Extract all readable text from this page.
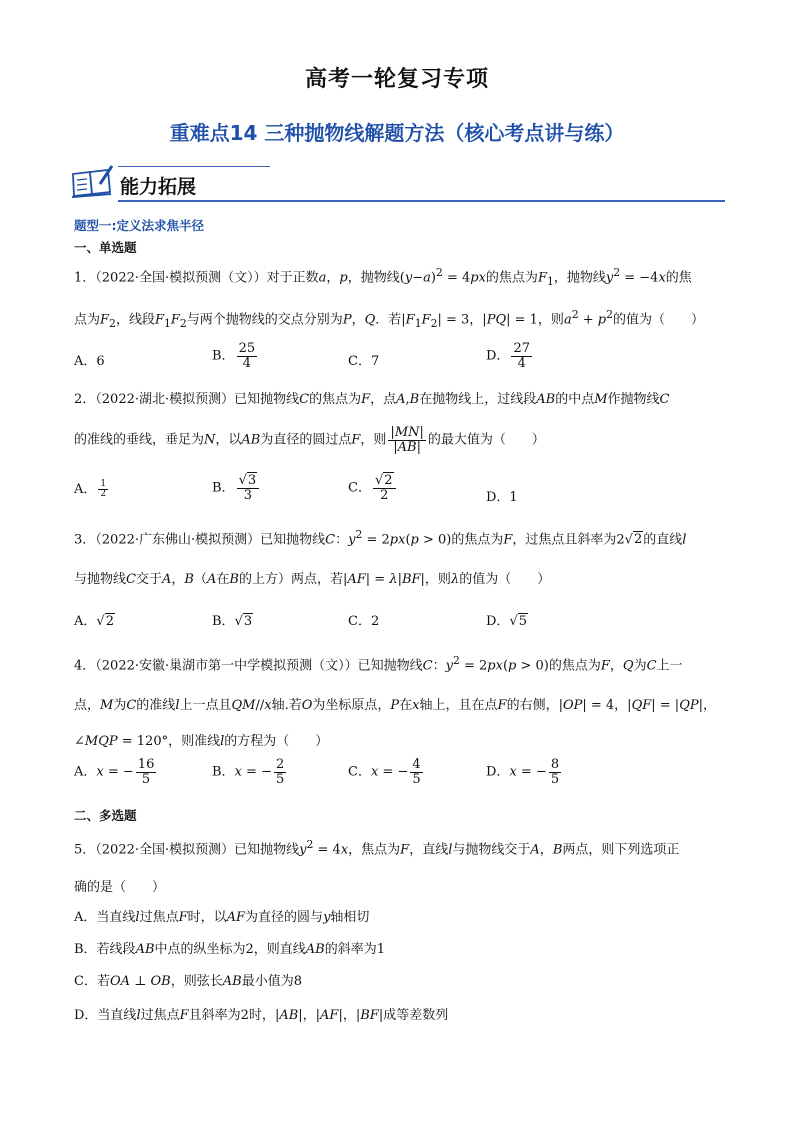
高考一轮复习专项
重难点14 三种抛物线解题方法（核心考点讲与练）
能力拓展
题型一:定义法求焦半径
一、单选题
1．（2022·全国·模拟预测（文））对于正数a，p，抛物线$(y-a)^2 = 4px$的焦点为$F_1$，抛物线$y^2 = -4x$的焦
点为$F_2$，线段$F_1F_2$与两个抛物线的交点分别为P，Q．若$|F_1F_2| = 3$，|PQ| = 1，则$a^2 + p^2$的值为（　　）
A．6	B． $\frac{25}{4}$	C．7	D． $\frac{27}{4}$
2．（2022·湖北·模拟预测）已知抛物线C的焦点为F，点A,B在抛物线上，过线段AB的中点M作抛物线C
的准线的垂线，垂足为N，以AB为直径的圆过点F，则 $\frac{|MN|}{|AB|}$ 的最大值为（　　）
A． $\frac{1}{2}$	B． $\frac{√3}{3}$	C． $\frac{√2}{2}$	D．1
3．（2022·广东佛山·模拟预测）已知抛物线C：$y^2 = 2px(p > 0)$的焦点为F，过焦点且斜率为2√2的直线l
与抛物线C交于A，B（A在B的上方）两点，若|AF| = λ|BF|，则λ的值为（　　）
A．√2	B．√3	C．2	D．√5
4．（2022·安徽·巢湖市第一中学模拟预测（文））已知抛物线C：$y^2 = 2px(p > 0)$的焦点为F，Q为C上一
点，M为C的准线l上一点且QM//x轴.若O为坐标原点，P在x轴上，且在点F的右侧，|OP| = 4，|QF| = |QP|，
∠MQP = 120°，则准线l的方程为（　　）
A．x = − $\frac{16}{5}$	B．x = − $\frac{2}{5}$	C．x = − $\frac{4}{5}$	D．x = − $\frac{8}{5}$
二、多选题
5．（2022·全国·模拟预测）已知抛物线$y^2 = 4x$，焦点为F，直线l与抛物线交于A，B两点，则下列选项正
确的是（　　）
A．当直线l过焦点F时，以AF为直径的圆与y轴相切
B．若线段AB中点的纵坐标为2，则直线AB的斜率为1
C．若OA ⊥ OB，则弦长AB最小值为8
D．当直线l过焦点F且斜率为2时，|AB|，|AF|，|BF|成等差数列
